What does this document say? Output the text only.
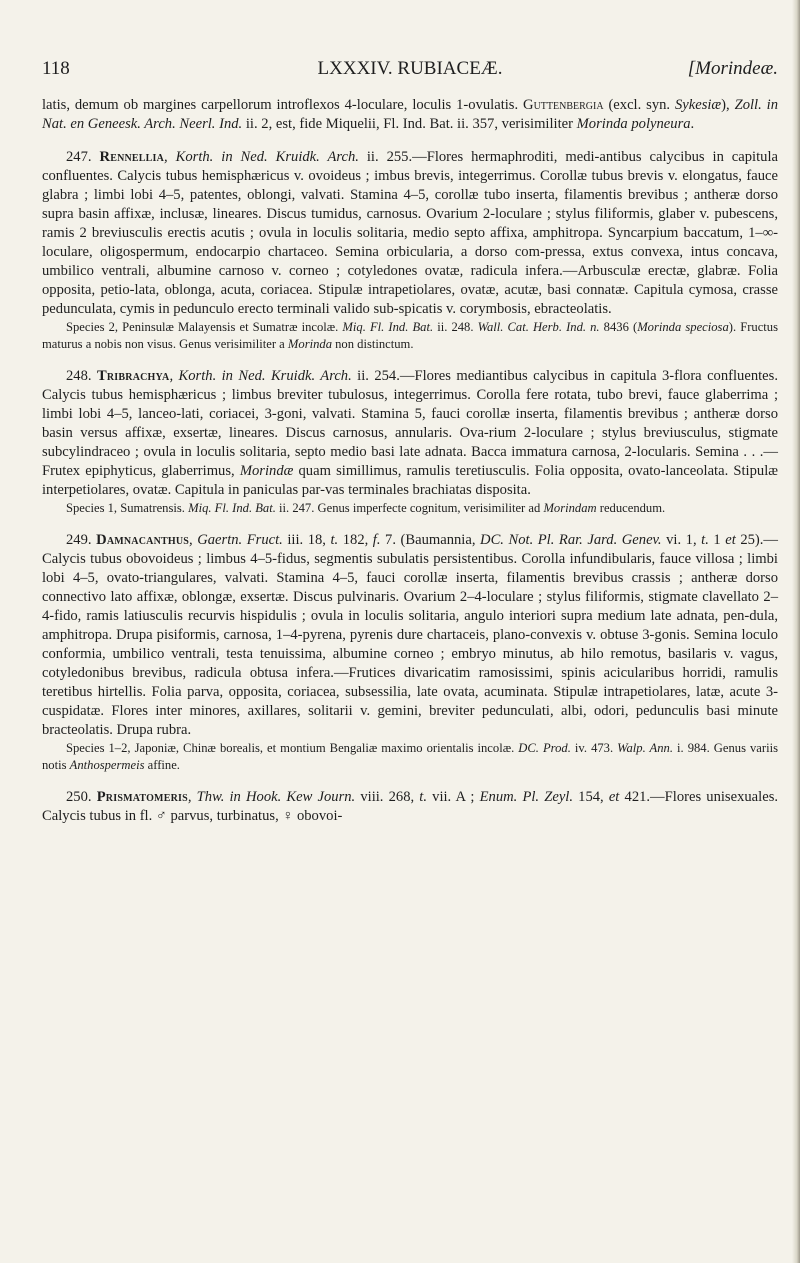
118	LXXXIV. RUBIACEÆ.	[Morindeæ.

latis, demum ob margines carpellorum introflexos 4-loculare, loculis 1-ovulatis. Guttenbergia (excl. syn. Sykesiæ), Zoll. in Nat. en Geneesk. Arch. Neerl. Ind. ii. 2, est, fide Miquelii, Fl. Ind. Bat. ii. 357, verisimiliter Morinda polyneura.

247. Rennellia, Korth. in Ned. Kruidk. Arch. ii. 255.—Flores hermaphroditi, medi-antibus calycibus in capitula confluentes. Calycis tubus hemisphæricus v. ovoideus ; imbus brevis, integerrimus. Corollæ tubus brevis v. elongatus, fauce glabra ; limbi lobi 4–5, patentes, oblongi, valvati. Stamina 4–5, corollæ tubo inserta, filamentis brevibus ; antheræ dorso supra basin affixæ, inclusæ, lineares. Discus tumidus, carnosus. Ovarium 2-loculare ; stylus filiformis, glaber v. pubescens, ramis 2 breviusculis erectis acutis ; ovula in loculis solitaria, medio septo affixa, amphitropa. Syncarpium baccatum, 1–∞-loculare, oligospermum, endocarpio chartaceo. Semina orbicularia, a dorso com-pressa, extus convexa, intus concava, umbilico ventrali, albumine carnoso v. corneo ; cotyledones ovatæ, radicula infera.—Arbusculæ erectæ, glabræ. Folia opposita, petio-lata, oblonga, acuta, coriacea. Stipulæ intrapetiolares, ovatæ, acutæ, basi connatæ. Capitula cymosa, crasse pedunculata, cymis in pedunculo erecto terminali valido sub-spicatis v. corymbosis, ebracteolatis.

Species 2, Peninsulæ Malayensis et Sumatræ incolæ. Miq. Fl. Ind. Bat. ii. 248. Wall. Cat. Herb. Ind. n. 8436 (Morinda speciosa). Fructus maturus a nobis non visus. Genus verisimiliter a Morinda non distinctum.

248. Tribrachya, Korth. in Ned. Kruidk. Arch. ii. 254.—Flores mediantibus calycibus in capitula 3-flora confluentes. Calycis tubus hemisphæricus ; limbus breviter tubulosus, integerrimus. Corolla fere rotata, tubo brevi, fauce glaberrima ; limbi lobi 4–5, lanceo-lati, coriacei, 3-goni, valvati. Stamina 5, fauci corollæ inserta, filamentis brevibus ; antheræ dorso basin versus affixæ, exsertæ, lineares. Discus carnosus, annularis. Ova-rium 2-loculare ; stylus breviusculus, stigmate subcylindraceo ; ovula in loculis solitaria, septo medio basi late adnata. Bacca immatura carnosa, 2-locularis. Semina . . .— Frutex epiphyticus, glaberrimus, Morindæ quam simillimus, ramulis teretiusculis. Folia opposita, ovato-lanceolata. Stipulæ interpetiolares, ovatæ. Capitula in paniculas par-vas terminales brachiatas disposita.

Species 1, Sumatrensis. Miq. Fl. Ind. Bat. ii. 247. Genus imperfecte cognitum, verisimiliter ad Morindam reducendum.

249. Damnacanthus, Gaertn. Fruct. iii. 18, t. 182, f. 7. (Baumannia, DC. Not. Pl. Rar. Jard. Genev. vi. 1, t. 1 et 25).—Calycis tubus obovoideus ; limbus 4–5-fidus, segmentis subulatis persistentibus. Corolla infundibularis, fauce villosa ; limbi lobi 4–5, ovato-triangulares, valvati. Stamina 4–5, fauci corollæ inserta, filamentis brevibus crassis ; antheræ dorso connectivo lato affixæ, oblongæ, exsertæ. Discus pulvinaris. Ovarium 2–4-loculare ; stylus filiformis, stigmate clavellato 2–4-fido, ramis latiusculis recurvis hispidulis ; ovula in loculis solitaria, angulo interiori supra medium late adnata, pen-dula, amphitropa. Drupa pisiformis, carnosa, 1–4-pyrena, pyrenis dure chartaceis, plano-convexis v. obtuse 3-gonis. Semina loculo conformia, umbilico ventrali, testa tenuissima, albumine corneo ; embryo minutus, ab hilo remotus, basilaris v. vagus, cotyledonibus brevibus, radicula obtusa infera.—Frutices divaricatim ramosissimi, spinis acicularibus horridi, ramulis teretibus hirtellis. Folia parva, opposita, coriacea, subsessilia, late ovata, acuminata. Stipulæ intrapetiolares, latæ, acute 3-cuspidatæ. Flores inter minores, axillares, solitarii v. gemini, breviter pedunculati, albi, odori, pedunculis basi minute bracteolatis. Drupa rubra.

Species 1–2, Japoniæ, Chinæ borealis, et montium Bengaliæ maximo orientalis incolæ. DC. Prod. iv. 473. Walp. Ann. i. 984. Genus variis notis Anthospermeis affine.

250. Prismatomeris, Thw. in Hook. Kew Journ. viii. 268, t. vii. A ; Enum. Pl. Zeyl. 154, et 421.—Flores unisexuales. Calycis tubus in fl. ♂ parvus, turbinatus, ♀ obovoi-
